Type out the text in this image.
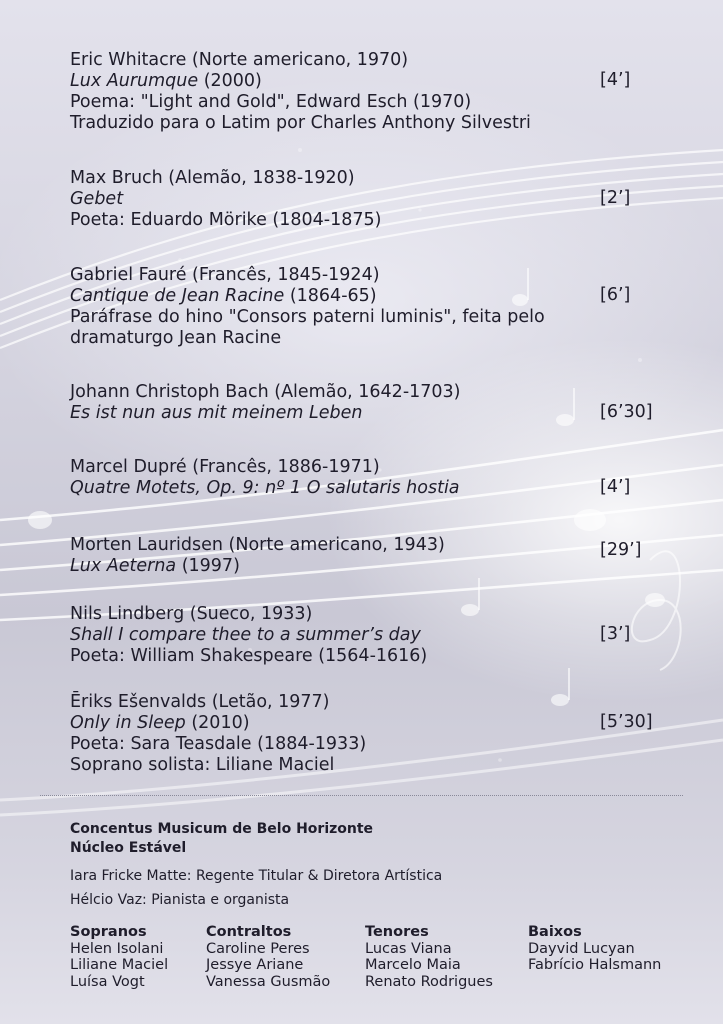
Eric Whitacre (Norte americano, 1970)
Lux Aurumque (2000)
Poema: "Light and Gold", Edward Esch (1970)
Traduzido para o Latim por Charles Anthony Silvestri
[4’]
Max Bruch (Alemão, 1838-1920)
Gebet
Poeta: Eduardo Mörike (1804-1875)
[2’]
Gabriel Fauré (Francês, 1845-1924)
Cantique de Jean Racine (1864-65)
Paráfrase do hino "Consors paterni luminis", feita pelo
dramaturgo Jean Racine
[6’]
Johann Christoph Bach (Alemão, 1642-1703)
Es ist nun aus mit meinem Leben	[6’30]
Marcel Dupré (Francês, 1886-1971)
Quatre Motets, Op. 9: nº 1 O salutaris hostia	[4’]
Morten Lauridsen (Norte americano, 1943)
Lux Aeterna (1997)
[29’]
Nils Lindberg (Sueco, 1933)
Shall I compare thee to a summer’s day
Poeta: William Shakespeare (1564-1616)
[3’]
Ēriks Ešenvalds (Letão, 1977)
Only in Sleep (2010)
Poeta: Sara Teasdale (1884-1933)
Soprano solista: Liliane Maciel
[5’30]
Concentus Musicum de Belo Horizonte
Núcleo Estável
Iara Fricke Matte: Regente Titular & Diretora Artística
Hélcio Vaz: Pianista e organista
Sopranos
Helen Isolani
Liliane Maciel
Luísa Vogt
Contraltos
Caroline Peres
Jessye Ariane
Vanessa Gusmão
Tenores
Lucas Viana
Marcelo Maia
Renato Rodrigues
Baixos
Dayvid Lucyan
Fabrício Halsmann
